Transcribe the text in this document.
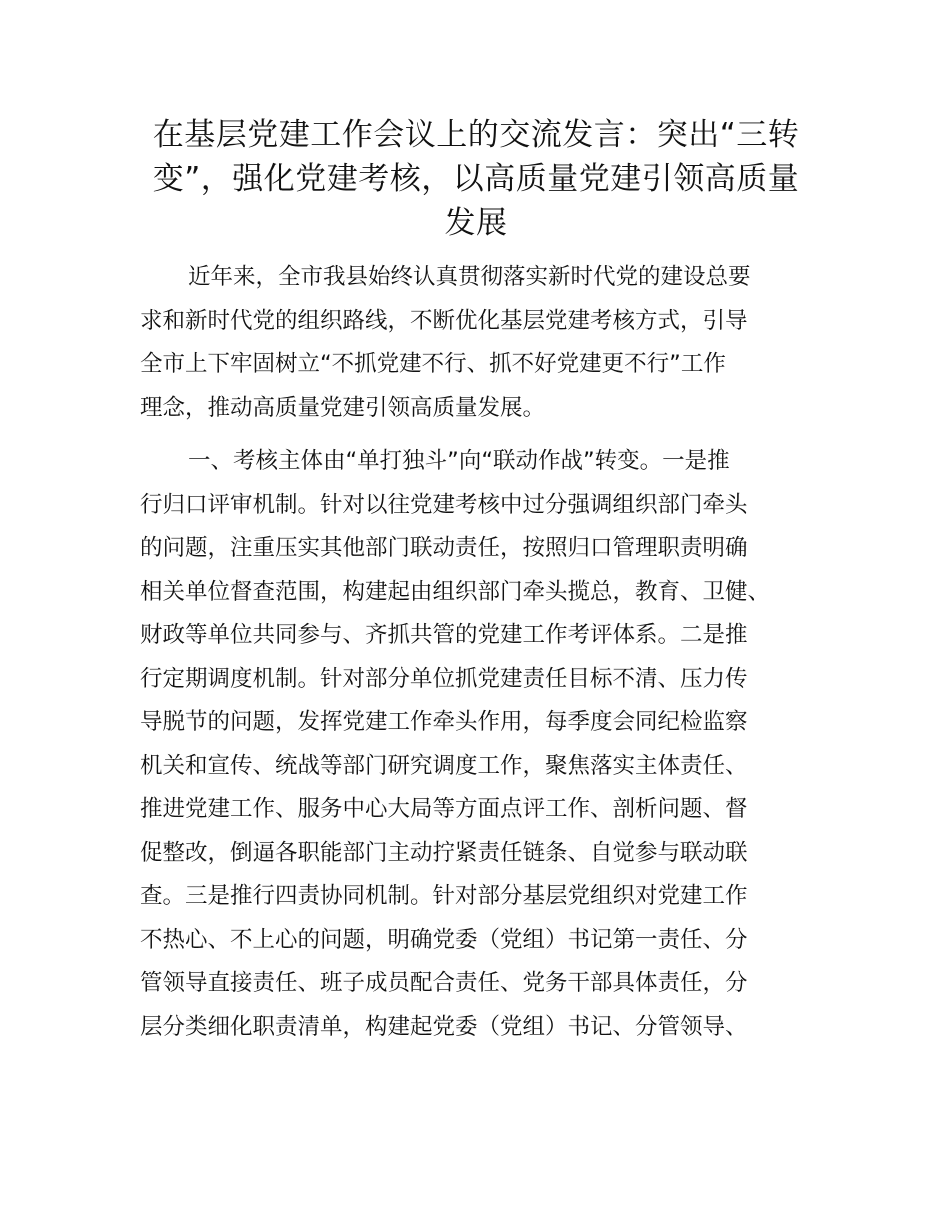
在基层党建工作会议上的交流发言：突出“三转
变”，强化党建考核，以高质量党建引领高质量
发展

近年来，全市我县始终认真贯彻落实新时代党的建设总要
求和新时代党的组织路线，不断优化基层党建考核方式，引导
全市上下牢固树立“不抓党建不行、抓不好党建更不行”工作
理念，推动高质量党建引领高质量发展。

一、考核主体由“单打独斗”向“联动作战”转变。一是推
行归口评审机制。针对以往党建考核中过分强调组织部门牵头
的问题，注重压实其他部门联动责任，按照归口管理职责明确
相关单位督查范围，构建起由组织部门牵头揽总，教育、卫健、
财政等单位共同参与、齐抓共管的党建工作考评体系。二是推
行定期调度机制。针对部分单位抓党建责任目标不清、压力传
导脱节的问题，发挥党建工作牵头作用，每季度会同纪检监察
机关和宣传、统战等部门研究调度工作，聚焦落实主体责任、
推进党建工作、服务中心大局等方面点评工作、剖析问题、督
促整改，倒逼各职能部门主动拧紧责任链条、自觉参与联动联
查。三是推行四责协同机制。针对部分基层党组织对党建工作
不热心、不上心的问题，明确党委（党组）书记第一责任、分
管领导直接责任、班子成员配合责任、党务干部具体责任，分
层分类细化职责清单，构建起党委（党组）书记、分管领导、
